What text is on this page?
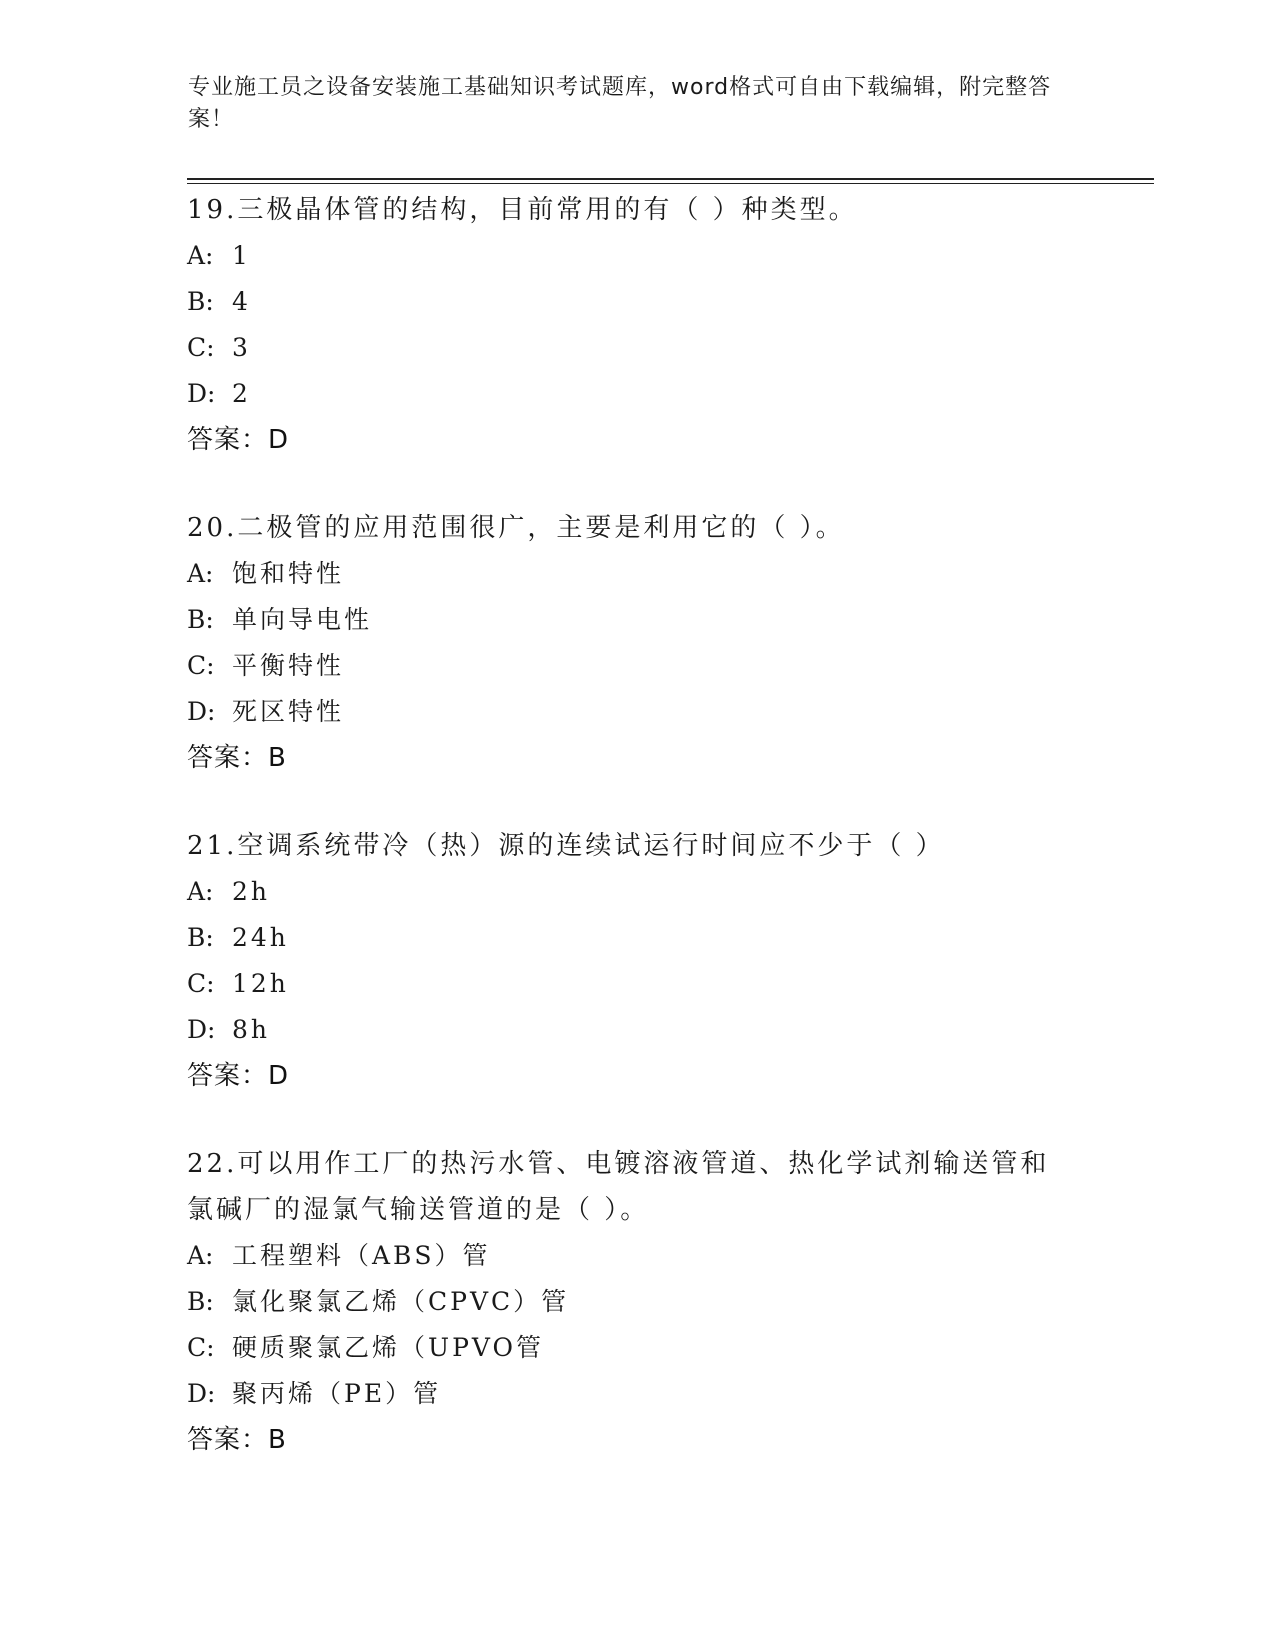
专业施工员之设备安装施工基础知识考试题库，word格式可自由下载编辑，附完整答案！

19.三极晶体管的结构，目前常用的有（ ）种类型。

A: 1

B: 4

C: 3

D: 2

答案：D

20.二极管的应用范围很广，主要是利用它的（ ）。

A: 饱和特性

B: 单向导电性

C: 平衡特性

D: 死区特性

答案：B

21.空调系统带冷（热）源的连续试运行时间应不少于（ ）

A: 2h

B: 24h

C: 12h

D: 8h

答案：D

22.可以用作工厂的热污水管、电镀溶液管道、热化学试剂输送管和氯碱厂的湿氯气输送管道的是（ ）。

A: 工程塑料（ABS）管

B: 氯化聚氯乙烯（CPVC）管

C: 硬质聚氯乙烯（UPVO管

D: 聚丙烯（PE）管

答案：B
